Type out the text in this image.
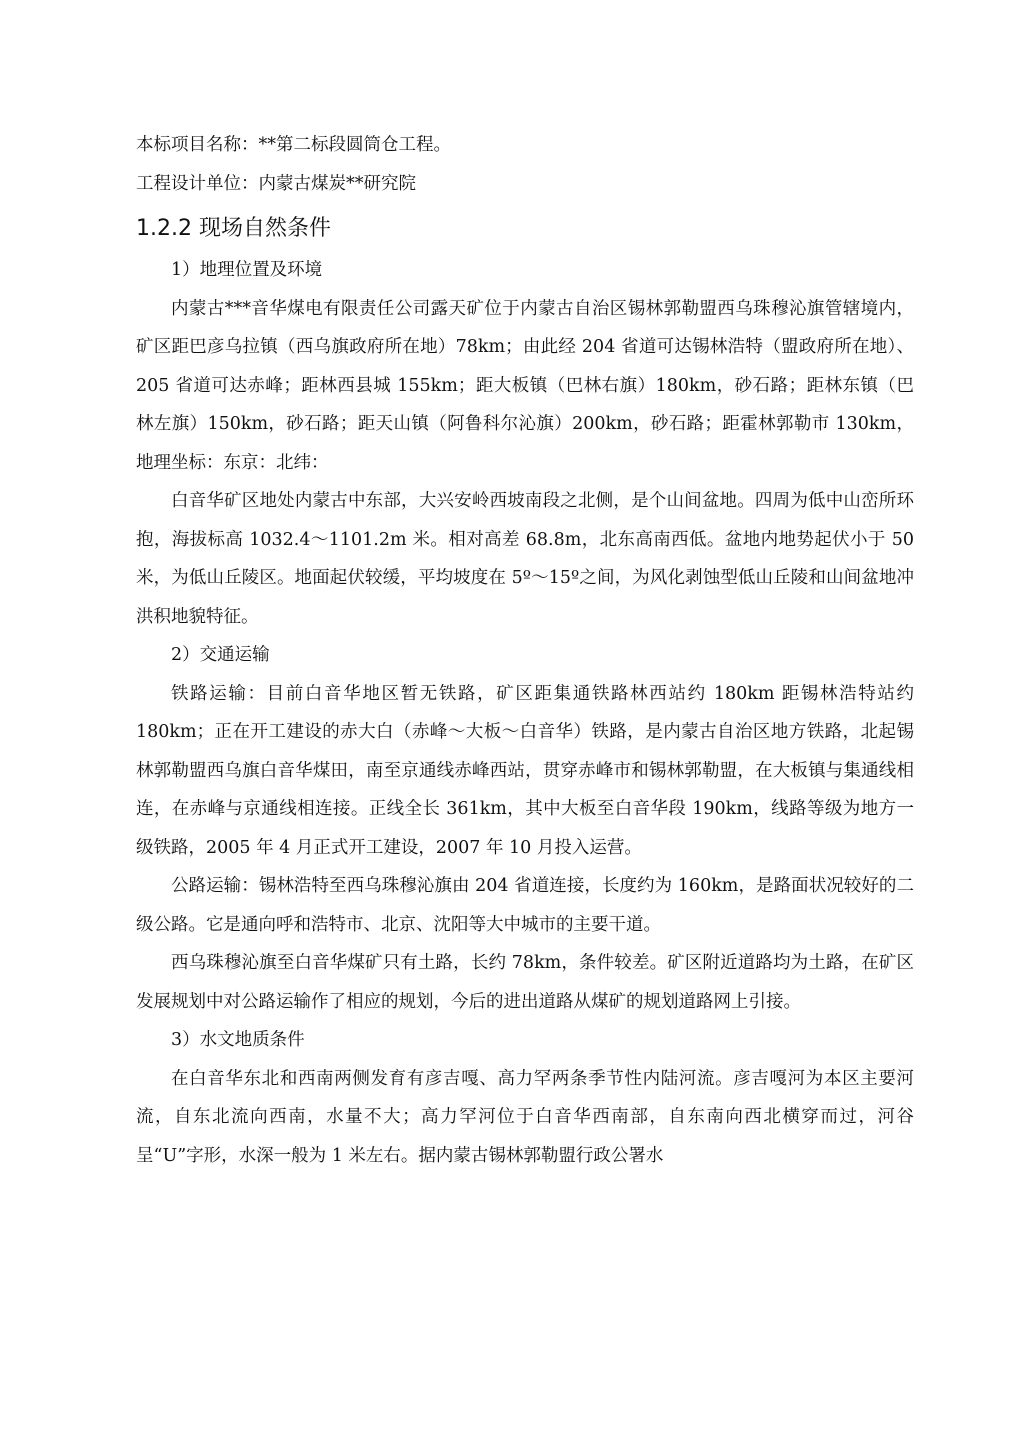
本标项目名称：**第二标段圆筒仓工程。

工程设计单位：内蒙古煤炭**研究院

1.2.2 现场自然条件

1）地理位置及环境

内蒙古***音华煤电有限责任公司露天矿位于内蒙古自治区锡林郭勒盟西乌珠穆沁旗管辖境内，矿区距巴彦乌拉镇（西乌旗政府所在地）78km；由此经 204 省道可达锡林浩特（盟政府所在地）、205 省道可达赤峰；距林西县城 155km；距大板镇（巴林右旗）180km，砂石路；距林东镇（巴林左旗）150km，砂石路；距天山镇（阿鲁科尔沁旗）200km，砂石路；距霍林郭勒市 130km，地理坐标：东京：北纬：

白音华矿区地处内蒙古中东部，大兴安岭西坡南段之北侧，是个山间盆地。四周为低中山峦所环抱，海拔标高 1032.4～1101.2m 米。相对高差 68.8m，北东高南西低。盆地内地势起伏小于 50 米，为低山丘陵区。地面起伏较缓，平均坡度在 5º～15º之间，为风化剥蚀型低山丘陵和山间盆地冲洪积地貌特征。

2）交通运输

铁路运输：目前白音华地区暂无铁路，矿区距集通铁路林西站约 180km 距锡林浩特站约 180km；正在开工建设的赤大白（赤峰～大板～白音华）铁路，是内蒙古自治区地方铁路，北起锡林郭勒盟西乌旗白音华煤田，南至京通线赤峰西站，贯穿赤峰市和锡林郭勒盟，在大板镇与集通线相连，在赤峰与京通线相连接。正线全长 361km，其中大板至白音华段 190km，线路等级为地方一级铁路，2005 年 4 月正式开工建设，2007 年 10 月投入运营。

公路运输：锡林浩特至西乌珠穆沁旗由 204 省道连接，长度约为 160km，是路面状况较好的二级公路。它是通向呼和浩特市、北京、沈阳等大中城市的主要干道。

西乌珠穆沁旗至白音华煤矿只有土路，长约 78km，条件较差。矿区附近道路均为土路，在矿区发展规划中对公路运输作了相应的规划，今后的进出道路从煤矿的规划道路网上引接。

3）水文地质条件

在白音华东北和西南两侧发育有彦吉嘎、高力罕两条季节性内陆河流。彦吉嘎河为本区主要河流，自东北流向西南，水量不大；高力罕河位于白音华西南部，自东南向西北横穿而过，河谷呈“U”字形，水深一般为 1 米左右。据内蒙古锡林郭勒盟行政公署水
